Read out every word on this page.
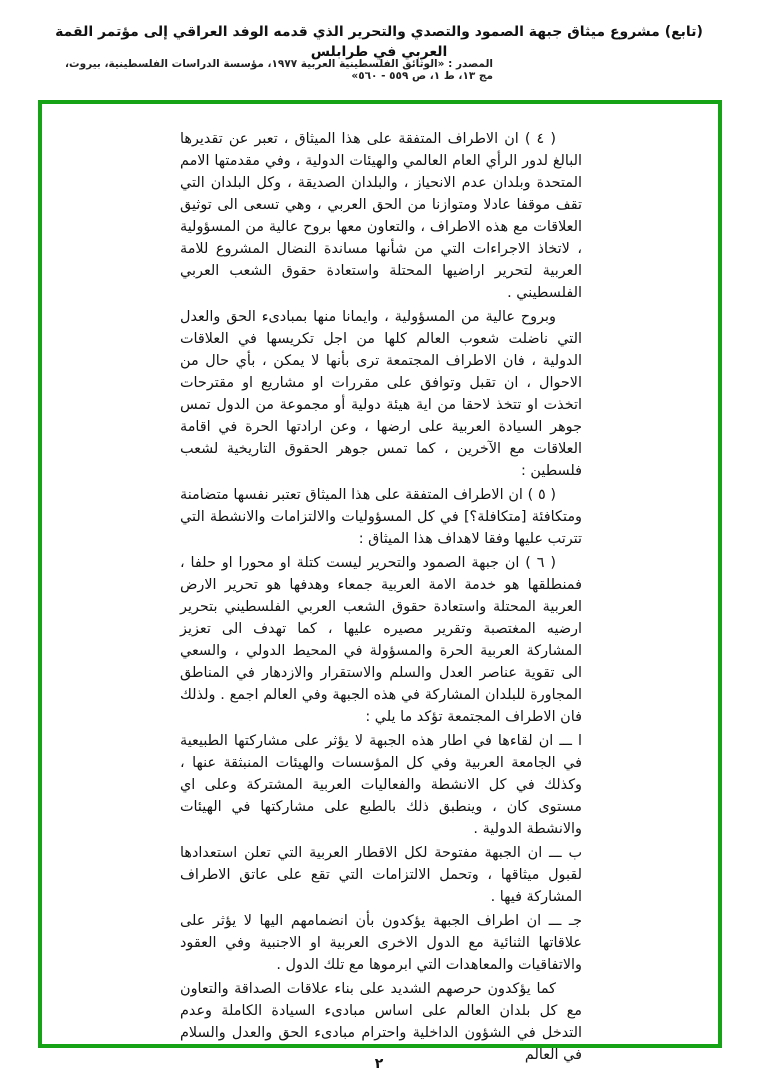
(تابع) مشروع ميثاق جبهة الصمود والتصدي والتحرير الذي قدمه الوفد العراقي إلى مؤتمر القمة العربي في طرابلس
المصدر : «الوثائق الفلسطينية العربية ١٩٧٧، مؤسسة الدراسات الفلسطينية، بيروت، مج ١٣، ط ١، ص ٥٥٩ - ٥٦٠»

( ٤ ) ان الاطراف المتفقة على هذا الميثاق ، تعبر عن تقديرها البالغ لدور الرأي العام العالمي والهيئات الدولية ، وفي مقدمتها الامم المتحدة وبلدان عدم الانحياز ، والبلدان الصديقة ، وكل البلدان التي تقف موقفا عادلا ومتوازنا من الحق العربي ، وهي تسعى الى توثيق العلاقات مع هذه الاطراف ، والتعاون معها بروح عالية من المسؤولية ، لاتخاذ الاجراءات التي من شأنها مساندة النضال المشروع للامة العربية لتحرير اراضيها المحتلة واستعادة حقوق الشعب العربي الفلسطيني .

وبروح عالية من المسؤولية ، وايمانا منها بمبادىء الحق والعدل التي ناضلت شعوب العالم كلها من اجل تكريسها في العلاقات الدولية ، فان الاطراف المجتمعة ترى بأنها لا يمكن ، بأي حال من الاحوال ، ان تقبل وتوافق على مقررات او مشاريع او مقترحات اتخذت او تتخذ لاحقا من اية هيئة دولية أو مجموعة من الدول تمس جوهر السيادة العربية على ارضها ، وعن ارادتها الحرة في اقامة العلاقات مع الآخرين ، كما تمس جوهر الحقوق التاريخية لشعب فلسطين :

( ٥ ) ان الاطراف المتفقة على هذا الميثاق تعتبر نفسها متضامنة ومتكافئة [متكافلة؟] في كل المسؤوليات والالتزامات والانشطة التي تترتب عليها وفقا لاهداف هذا الميثاق :

( ٦ ) ان جبهة الصمود والتحرير ليست كتلة او محورا او حلفا ، فمنطلقها هو خدمة الامة العربية جمعاء وهدفها هو تحرير الارض العربية المحتلة واستعادة حقوق الشعب العربي الفلسطيني بتحرير ارضيه المغتصبة وتقرير مصيره عليها ، كما تهدف الى تعزيز المشاركة العربية الحرة والمسؤولة في المحيط الدولي ، والسعي الى تقوية عناصر العدل والسلم والاستقرار والازدهار في المناطق المجاورة للبلدان المشاركة في هذه الجبهة وفي العالم اجمع . ولذلك فان الاطراف المجتمعة تؤكد ما يلي :

ا ـــ ان لقاءها في اطار هذه الجبهة لا يؤثر على مشاركتها الطبيعية في الجامعة العربية وفي كل المؤسسات والهيئات المنبثقة عنها ، وكذلك في كل الانشطة والفعاليات العربية المشتركة وعلى اي مستوى كان ، وينطبق ذلك بالطبع على مشاركتها في الهيئات والانشطة الدولية .

ب ـــ ان الجبهة مفتوحة لكل الاقطار العربية التي تعلن استعدادها لقبول ميثاقها ، وتحمل الالتزامات التي تقع على عاتق الاطراف المشاركة فيها .

جـ ـــ ان اطراف الجبهة يؤكدون بأن انضمامهم اليها لا يؤثر على علاقاتها الثنائية مع الدول الاخرى العربية او الاجنبية وفي العقود والاتفاقيات والمعاهدات التي ابرموها مع تلك الدول .

كما يؤكدون حرصهم الشديد على بناء علاقات الصداقة والتعاون مع كل بلدان العالم على اساس مبادىء السيادة الكاملة وعدم التدخل في الشؤون الداخلية واحترام مبادىء الحق والعدل والسلام في العالم

٢
